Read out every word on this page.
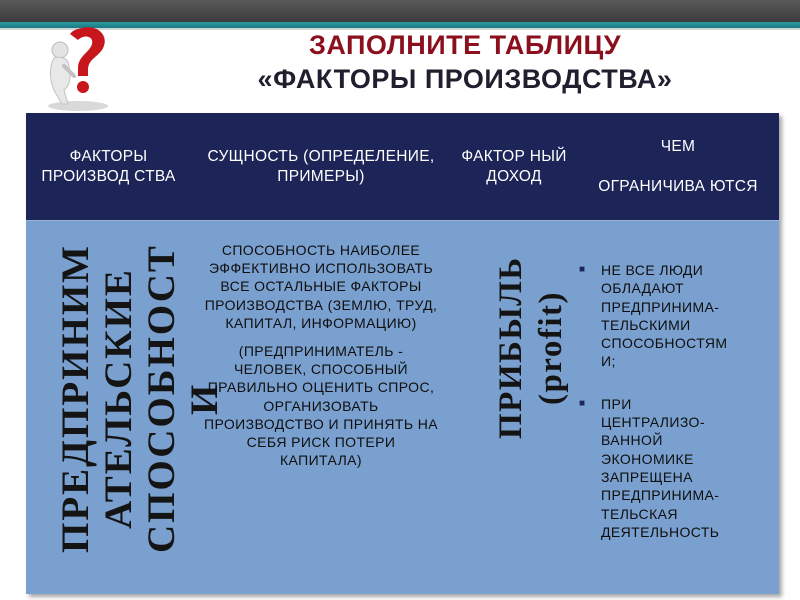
ЗАПОЛНИТЕ ТАБЛИЦУ
«ФАКТОРЫ ПРОИЗВОДСТВА»
ФАКТОРЫ ПРОИЗВОД СТВА
СУЩНОСТЬ (ОПРЕДЕЛЕНИЕ, ПРИМЕРЫ)
ФАКТОР НЫЙ ДОХОД
ЧЕМ
ОГРАНИЧИВА ЮТСЯ
ПРЕДПРИНИМ АТЕЛЬСКИЕ СПОСОБНОСТ И
СПОСОБНОСТЬ НАИБОЛЕЕ ЭФФЕКТИВНО ИСПОЛЬЗОВАТЬ ВСЕ ОСТАЛЬНЫЕ ФАКТОРЫ ПРОИЗВОДСТВА (ЗЕМЛЮ, ТРУД, КАПИТАЛ, ИНФОРМАЦИЮ)
(ПРЕДПРИНИМАТЕЛЬ - ЧЕЛОВЕК, СПОСОБНЫЙ ПРАВИЛЬНО ОЦЕНИТЬ СПРОС, ОРГАНИЗОВАТЬ ПРОИЗВОДСТВО И ПРИНЯТЬ НА СЕБЯ РИСК ПОТЕРИ КАПИТАЛА)
ПРИБЫЛЬ (profit)
■	НЕ ВСЕ ЛЮДИ
ОБЛАДАЮТ
ПРЕДПРИНИМА-
ТЕЛЬСКИМИ
СПОСОБНОСТЯМ
И;
■	ПРИ
ЦЕНТРАЛИЗО-
ВАННОЙ
ЭКОНОМИКЕ
ЗАПРЕЩЕНА
ПРЕДПРИНИМА-
ТЕЛЬСКАЯ
ДЕЯТЕЛЬНОСТЬ
